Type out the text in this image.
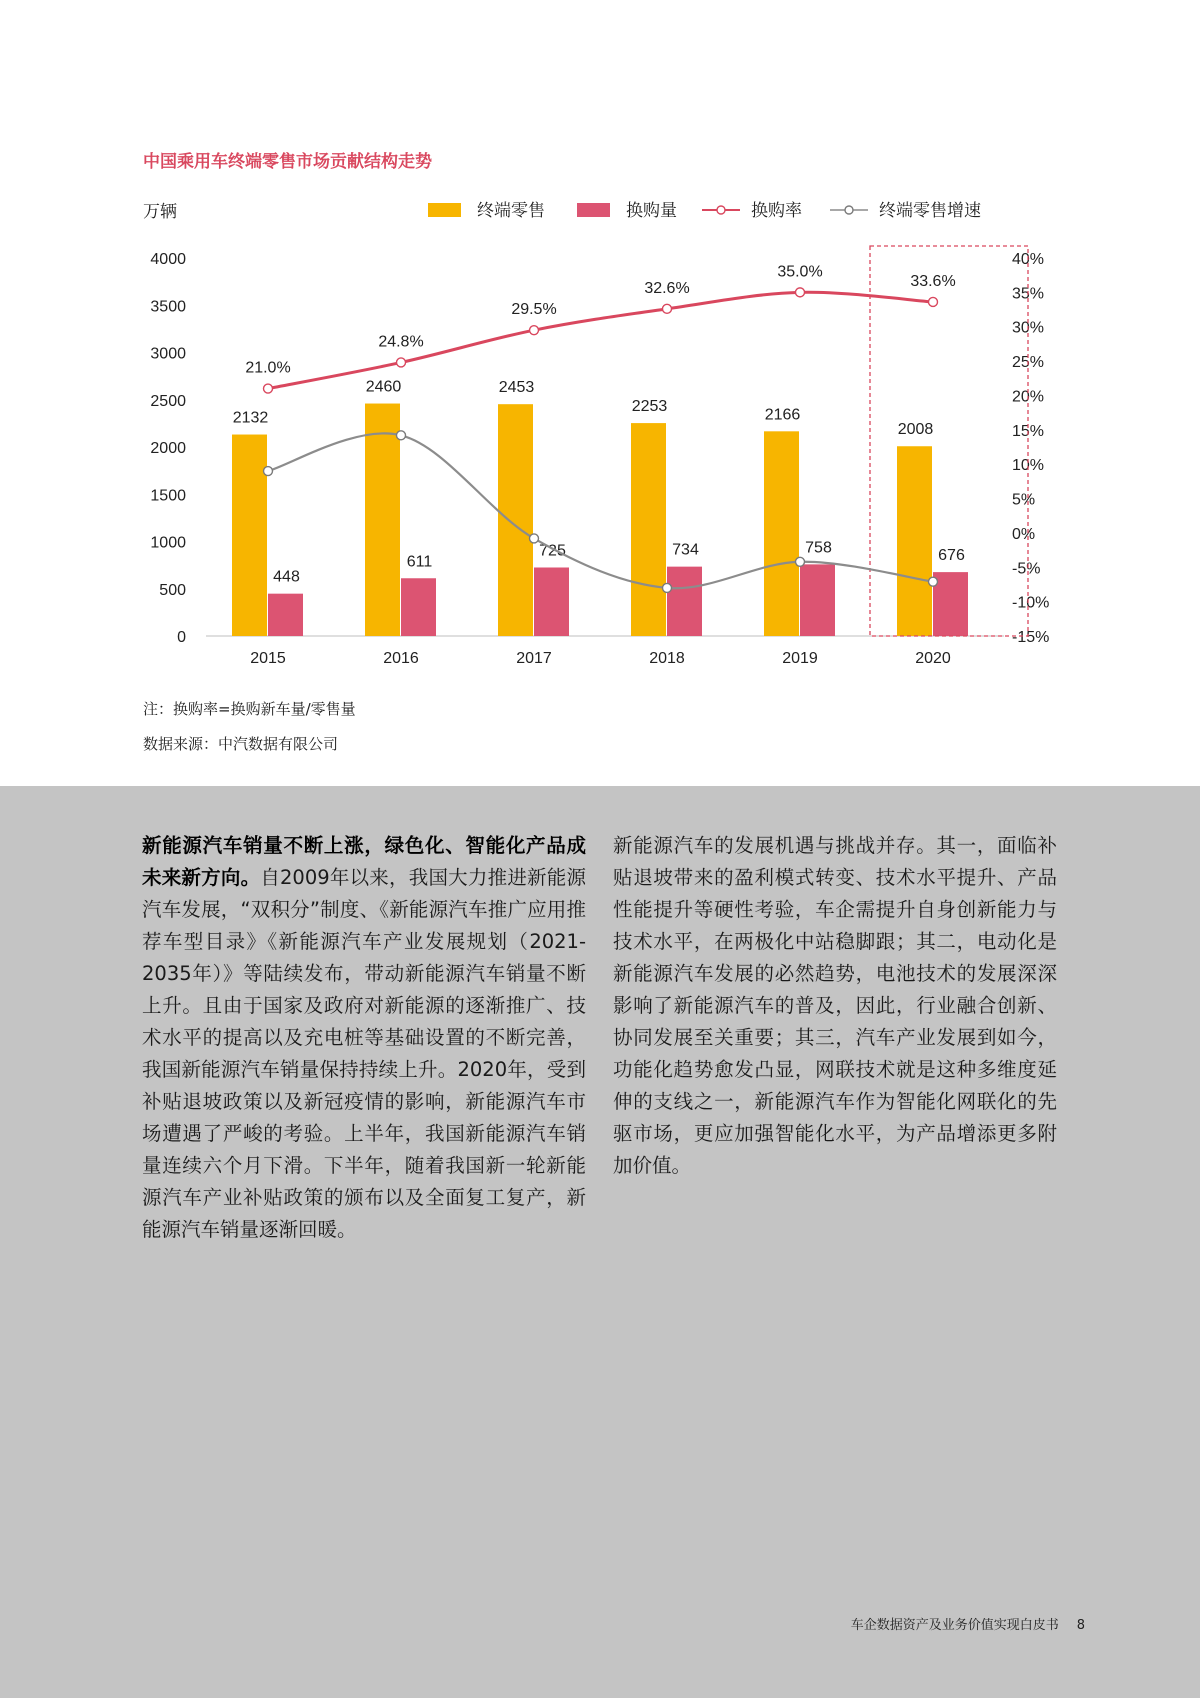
中国乘用车终端零售市场贡献结构走势
万辆
4000
3500
3000
2500
2000
1500
1000
500
0
40%
35%
30%
25%
20%
15%
10%
5%
0%
-5%
-10%
-15%
2132
448
2460
611
2453
725
2253
734
2166
758
2008
676
21.0%
24.8%
29.5%
32.6%
35.0%
33.6%
2015	2016	2017	2018	2019	2020
终端零售	换购量	换购率	终端零售增速
注：换购率=换购新车量/零售量
数据来源：中汽数据有限公司
新能源汽车销量不断上涨，绿色化、智能化产品成未来新方向。自2009年以来，我国大力推进新能源汽车发展，“双积分”制度、《新能源汽车推广应用推荐车型目录》《新能源汽车产业发展规划（2021-2035年）》等陆续发布，带动新能源汽车销量不断上升。且由于国家及政府对新能源的逐渐推广、技术水平的提高以及充电桩等基础设置的不断完善，我国新能源汽车销量保持持续上升。2020年，受到补贴退坡政策以及新冠疫情的影响，新能源汽车市场遭遇了严峻的考验。上半年，我国新能源汽车销量连续六个月下滑。下半年，随着我国新一轮新能源汽车产业补贴政策的颁布以及全面复工复产，新能源汽车销量逐渐回暖。
新能源汽车的发展机遇与挑战并存。其一，面临补贴退坡带来的盈利模式转变、技术水平提升、产品性能提升等硬性考验，车企需提升自身创新能力与技术水平，在两极化中站稳脚跟；其二，电动化是新能源汽车发展的必然趋势，电池技术的发展深深影响了新能源汽车的普及，因此，行业融合创新、协同发展至关重要；其三，汽车产业发展到如今，功能化趋势愈发凸显，网联技术就是这种多维度延伸的支线之一，新能源汽车作为智能化网联化的先驱市场，更应加强智能化水平，为产品增添更多附加价值。
车企数据资产及业务价值实现白皮书 8
